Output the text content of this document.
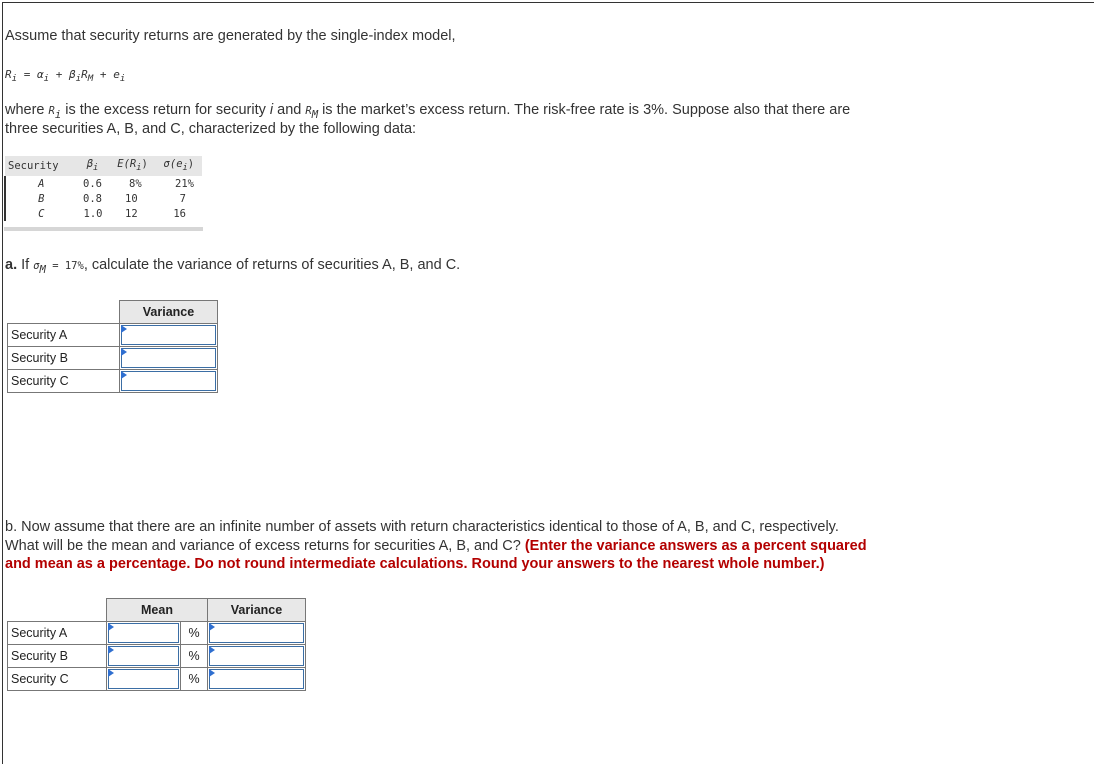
Assume that security returns are generated by the single-index model,
$R_i = \alpha_i + \beta_iR_M + e_i$
where $R_i$ is the excess return for security i and $R_M$ is the market’s excess return. The risk-free rate is 3%. Suppose also that there are
three securities A, B, and C, characterized by the following data:
Security	$\beta_i$	$E(R_i)$	$\sigma(e_i)$
A	0.6	8%	21%
B	0.8	10	7
C	1.0	12	16
a. If $\sigma_M = 17\%$, calculate the variance of returns of securities A, B, and C.
	Variance
Security A	

Security B	

Security C	
b. Now assume that there are an infinite number of assets with return characteristics identical to those of A, B, and C, respectively.
What will be the mean and variance of excess returns for securities A, B, and C? (Enter the variance answers as a percent squared
and mean as a percentage. Do not round intermediate calculations. Round your answers to the nearest whole number.)
	Mean		Variance
Security A		%	

Security B		%	

Security C		%	
